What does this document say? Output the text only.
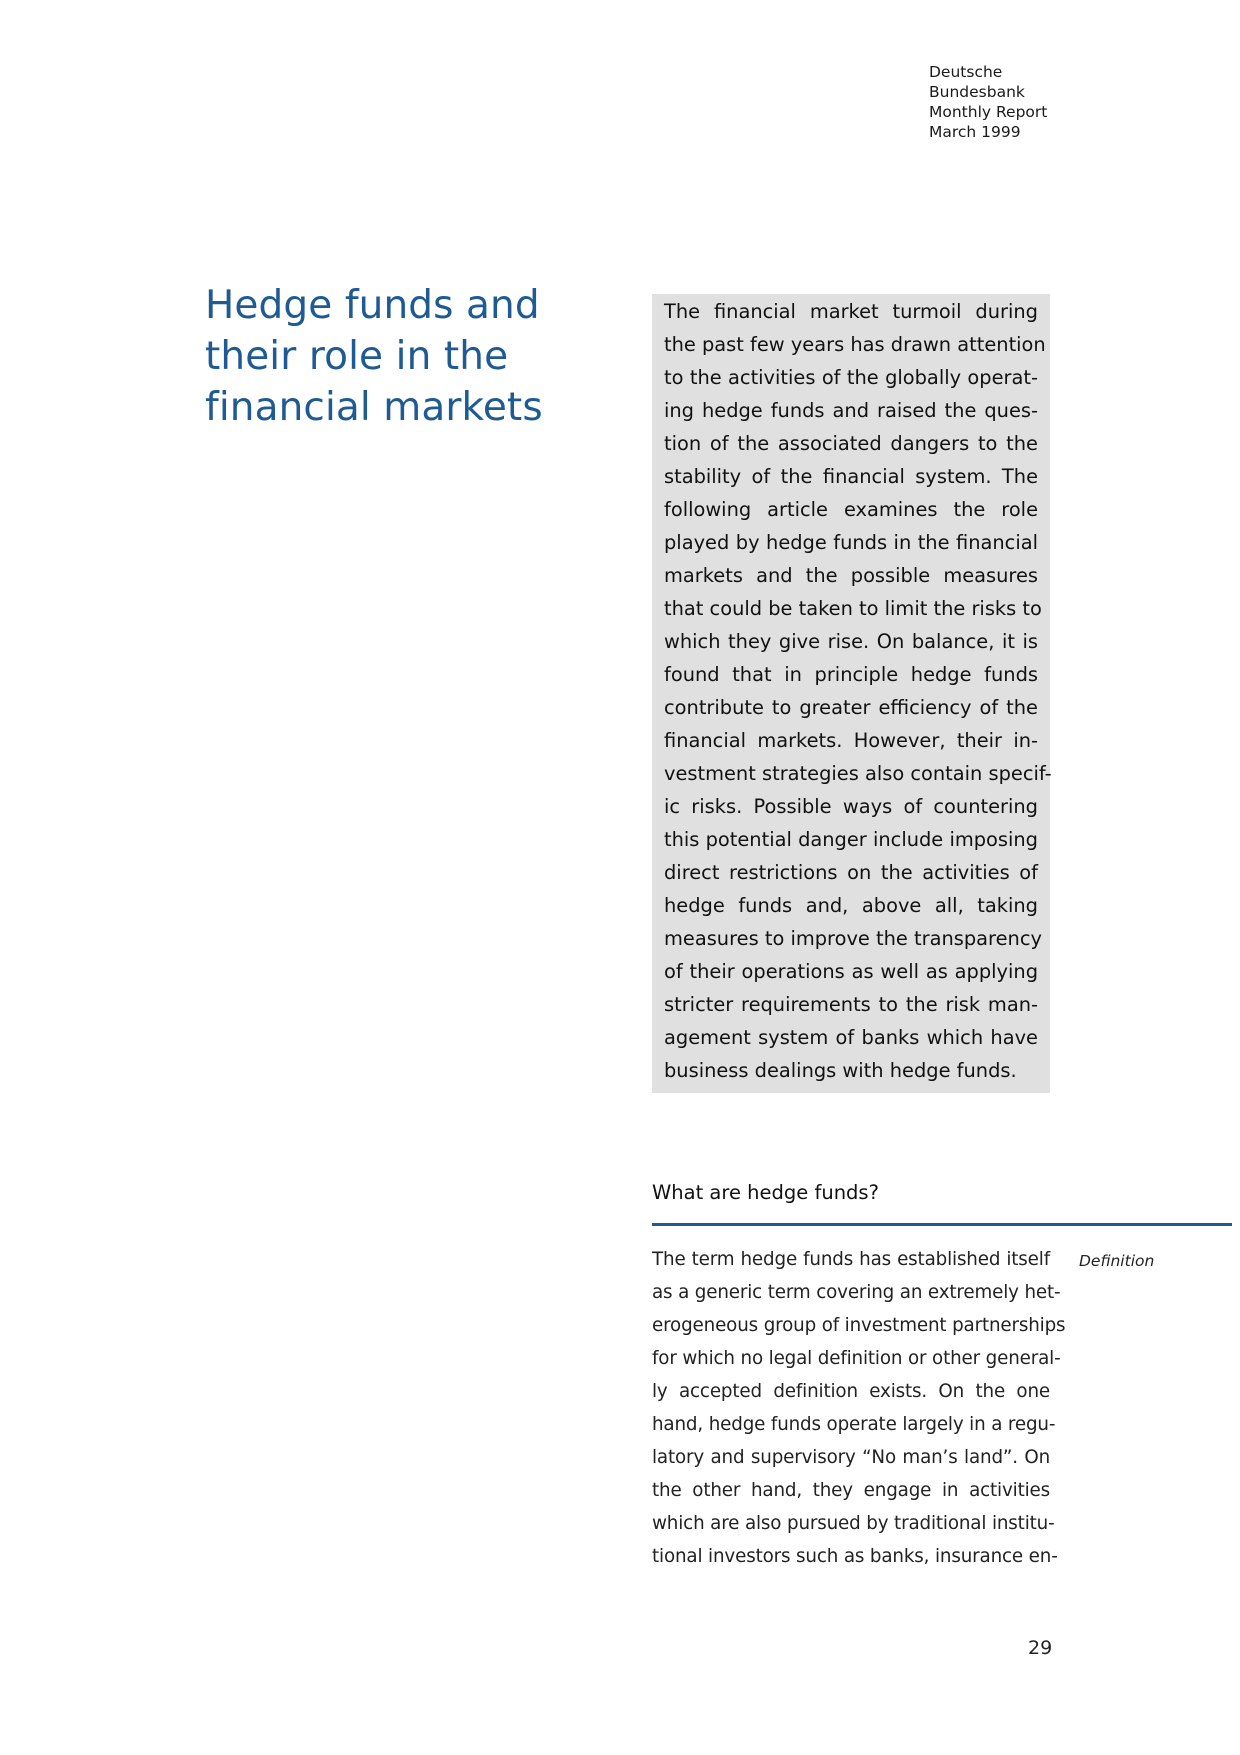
Deutsche
Bundesbank
Monthly Report
March 1999
Hedge funds and
their role in the
financial markets
The financial market turmoil during
the past few years has drawn attention
to the activities of the globally operat-
ing hedge funds and raised the ques-
tion of the associated dangers to the
stability of the financial system. The
following article examines the role
played by hedge funds in the financial
markets and the possible measures
that could be taken to limit the risks to
which they give rise. On balance, it is
found that in principle hedge funds
contribute to greater efficiency of the
financial markets. However, their in-
vestment strategies also contain specif-
ic risks. Possible ways of countering
this potential danger include imposing
direct restrictions on the activities of
hedge funds and, above all, taking
measures to improve the transparency
of their operations as well as applying
stricter requirements to the risk man-
agement system of banks which have
business dealings with hedge funds.
What are hedge funds?
Definition
The term hedge funds has established itself
as a generic term covering an extremely het-
erogeneous group of investment partnerships
for which no legal definition or other general-
ly accepted definition exists. On the one
hand, hedge funds operate largely in a regu-
latory and supervisory “No man’s land”. On
the other hand, they engage in activities
which are also pursued by traditional institu-
tional investors such as banks, insurance en-
29
